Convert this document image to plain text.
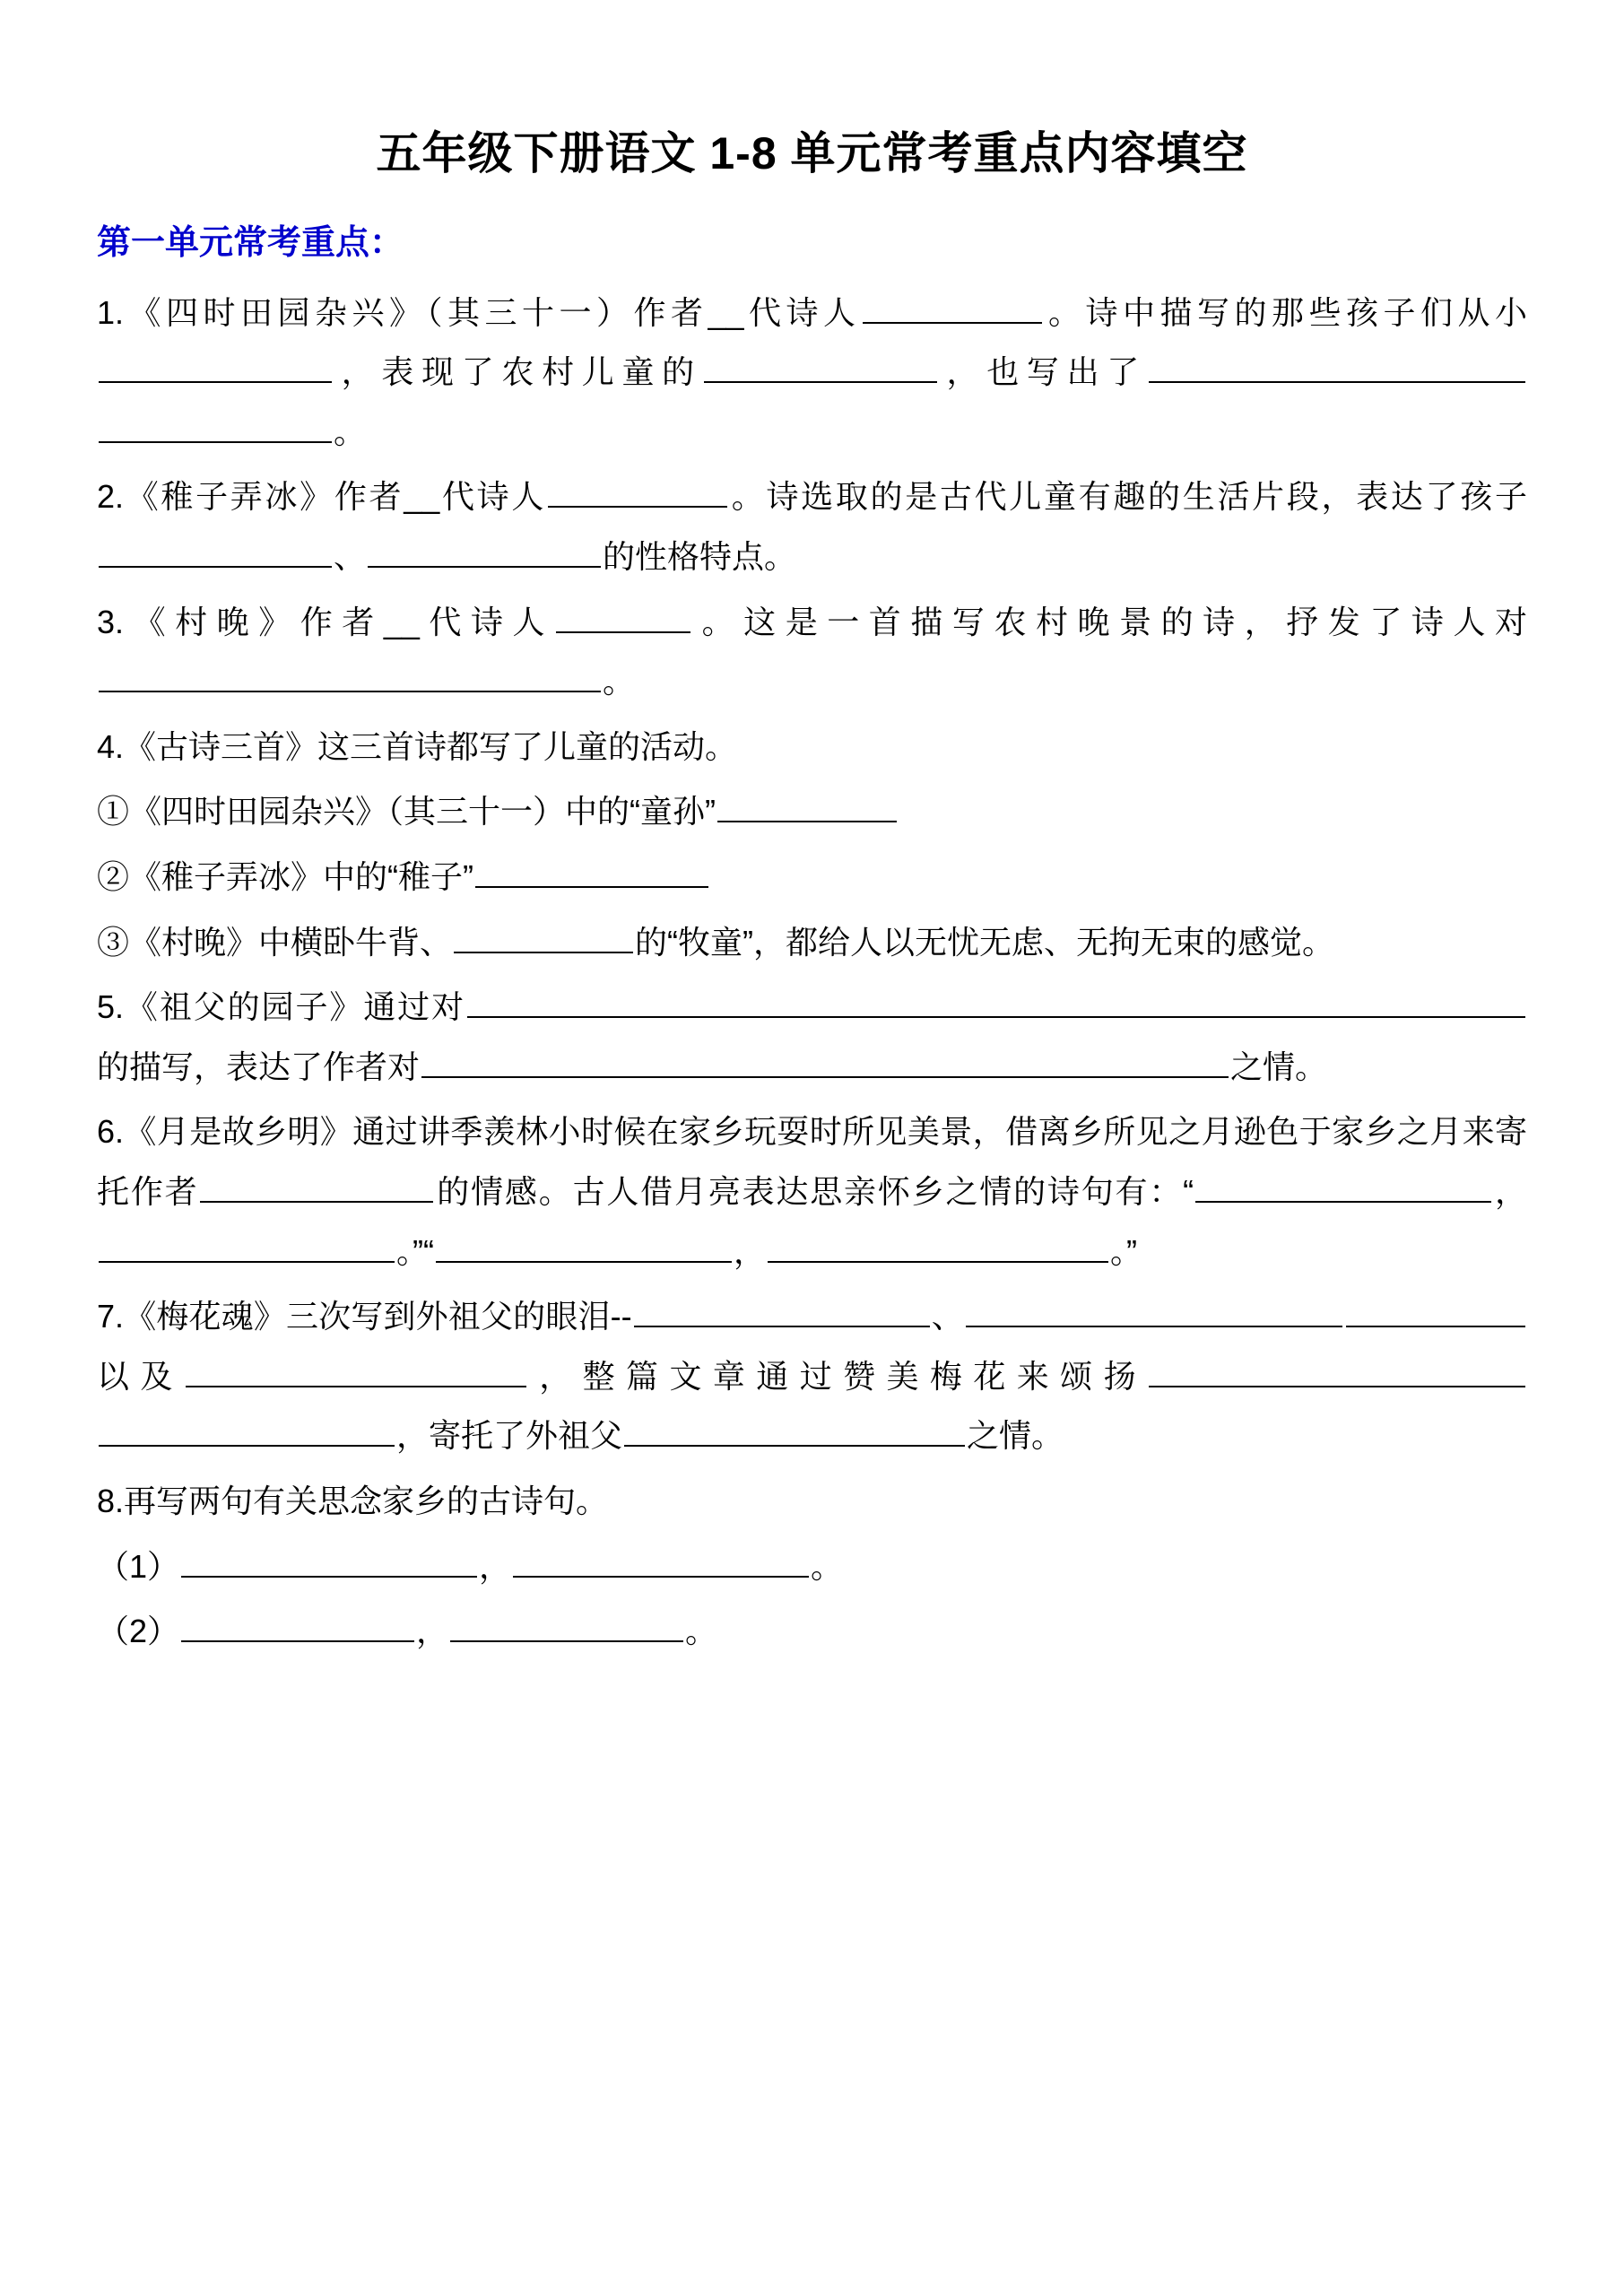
五年级下册语文 1-8 单元常考重点内容填空
第一单元常考重点：

1.《四时田园杂兴》（其三十一）作者__代诗人	。诗中描写的那些孩子们从小，表现了农村儿童的	，也写出了。

2.《稚子弄冰》作者__代诗人	。诗选取的是古代儿童有趣的生活片段，表达了孩子、	的性格特点。

3.《村晚》作者__代诗人	。这是一首描写农村晚景的诗，抒发了诗人对。

4.《古诗三首》这三首诗都写了儿童的活动。

①《四时田园杂兴》（其三十一）中的“童孙”

②《稚子弄冰》中的“稚子”

③《村晚》中横卧牛背、	的“牧童”，都给人以无忧无虑、无拘无束的感觉。

5.《祖父的园子》通过对的描写，表达了作者对	之情。

6.《月是故乡明》通过讲季羡林小时候在家乡玩耍时所见美景，借离乡所见之月逊色于家乡之月来寄托作者	的情感。古人借月亮表达思亲怀乡之情的诗句有：“	，。”“	，	。”

7.《梅花魂》三次写到外祖父的眼泪--	、以及	，整篇文章通过赞美梅花来颂扬，寄托了外祖父	之情。

8.再写两句有关思念家乡的古诗句。

（1）	，	。

（2）	，	。
